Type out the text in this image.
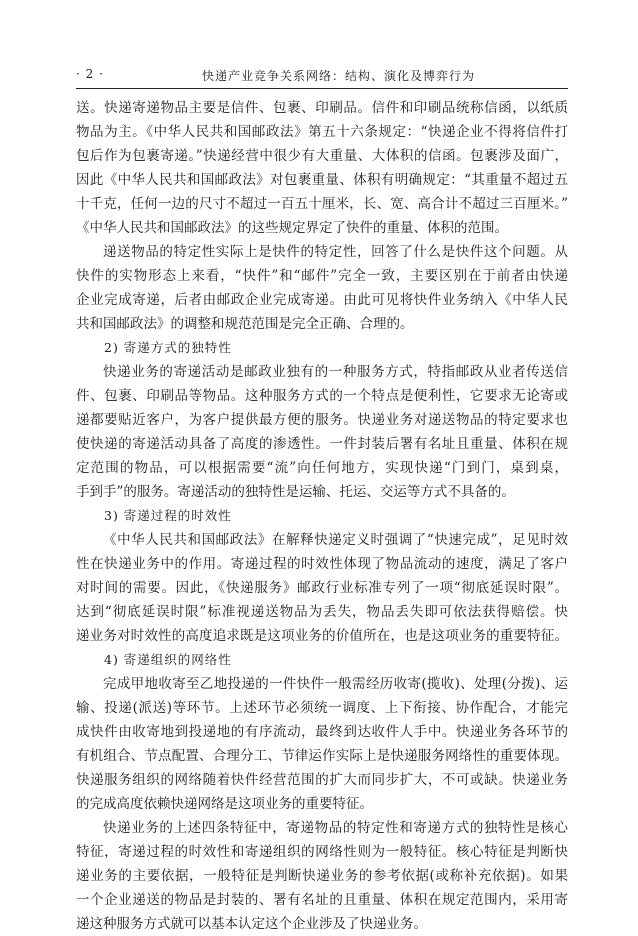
· 2 ·	快递产业竞争关系网络：结构、演化及博弈行为
送。快递寄递物品主要是信件、包裹、印刷品。信件和印刷品统称信函，以纸质
物品为主。《中华人民共和国邮政法》第五十六条规定：“快递企业不得将信件打
包后作为包裹寄递。”快递经营中很少有大重量、大体积的信函。包裹涉及面广，
因此《中华人民共和国邮政法》对包裹重量、体积有明确规定：“其重量不超过五
十千克，任何一边的尺寸不超过一百五十厘米，长、宽、高合计不超过三百厘米。”
《中华人民共和国邮政法》的这些规定界定了快件的重量、体积的范围。
递送物品的特定性实际上是快件的特定性，回答了什么是快件这个问题。从
快件的实物形态上来看，“快件”和“邮件”完全一致，主要区别在于前者由快递
企业完成寄递，后者由邮政企业完成寄递。由此可见将快件业务纳入《中华人民
共和国邮政法》的调整和规范范围是完全正确、合理的。
2) 寄递方式的独特性
快递业务的寄递活动是邮政业独有的一种服务方式，特指邮政从业者传送信
件、包裹、印刷品等物品。这种服务方式的一个特点是便利性，它要求无论寄或
递都要贴近客户，为客户提供最方便的服务。快递业务对递送物品的特定要求也
使快递的寄递活动具备了高度的渗透性。一件封装后署有名址且重量、体积在规
定范围的物品，可以根据需要“流”向任何地方，实现快递“门到门，桌到桌，
手到手”的服务。寄递活动的独特性是运输、托运、交运等方式不具备的。
3) 寄递过程的时效性
《中华人民共和国邮政法》在解释快递定义时强调了“快速完成”，足见时效
性在快递业务中的作用。寄递过程的时效性体现了物品流动的速度，满足了客户
对时间的需要。因此，《快递服务》邮政行业标准专列了一项“彻底延误时限”。
达到“彻底延误时限”标准视递送物品为丢失，物品丢失即可依法获得赔偿。快
递业务对时效性的高度追求既是这项业务的价值所在，也是这项业务的重要特征。
4) 寄递组织的网络性
完成甲地收寄至乙地投递的一件快件一般需经历收寄(揽收)、处理(分拨)、运
输、投递(派送)等环节。上述环节必须统一调度、上下衔接、协作配合，才能完
成快件由收寄地到投递地的有序流动，最终到达收件人手中。快递业务各环节的
有机组合、节点配置、合理分工、节律运作实际上是快递服务网络性的重要体现。
快递服务组织的网络随着快件经营范围的扩大而同步扩大，不可或缺。快递业务
的完成高度依赖快递网络是这项业务的重要特征。
快递业务的上述四条特征中，寄递物品的特定性和寄递方式的独特性是核心
特征，寄递过程的时效性和寄递组织的网络性则为一般特征。核心特征是判断快
递业务的主要依据，一般特征是判断快递业务的参考依据(或称补充依据)。如果
一个企业递送的物品是封装的、署有名址的且重量、体积在规定范围内，采用寄
递这种服务方式就可以基本认定这个企业涉及了快递业务。
